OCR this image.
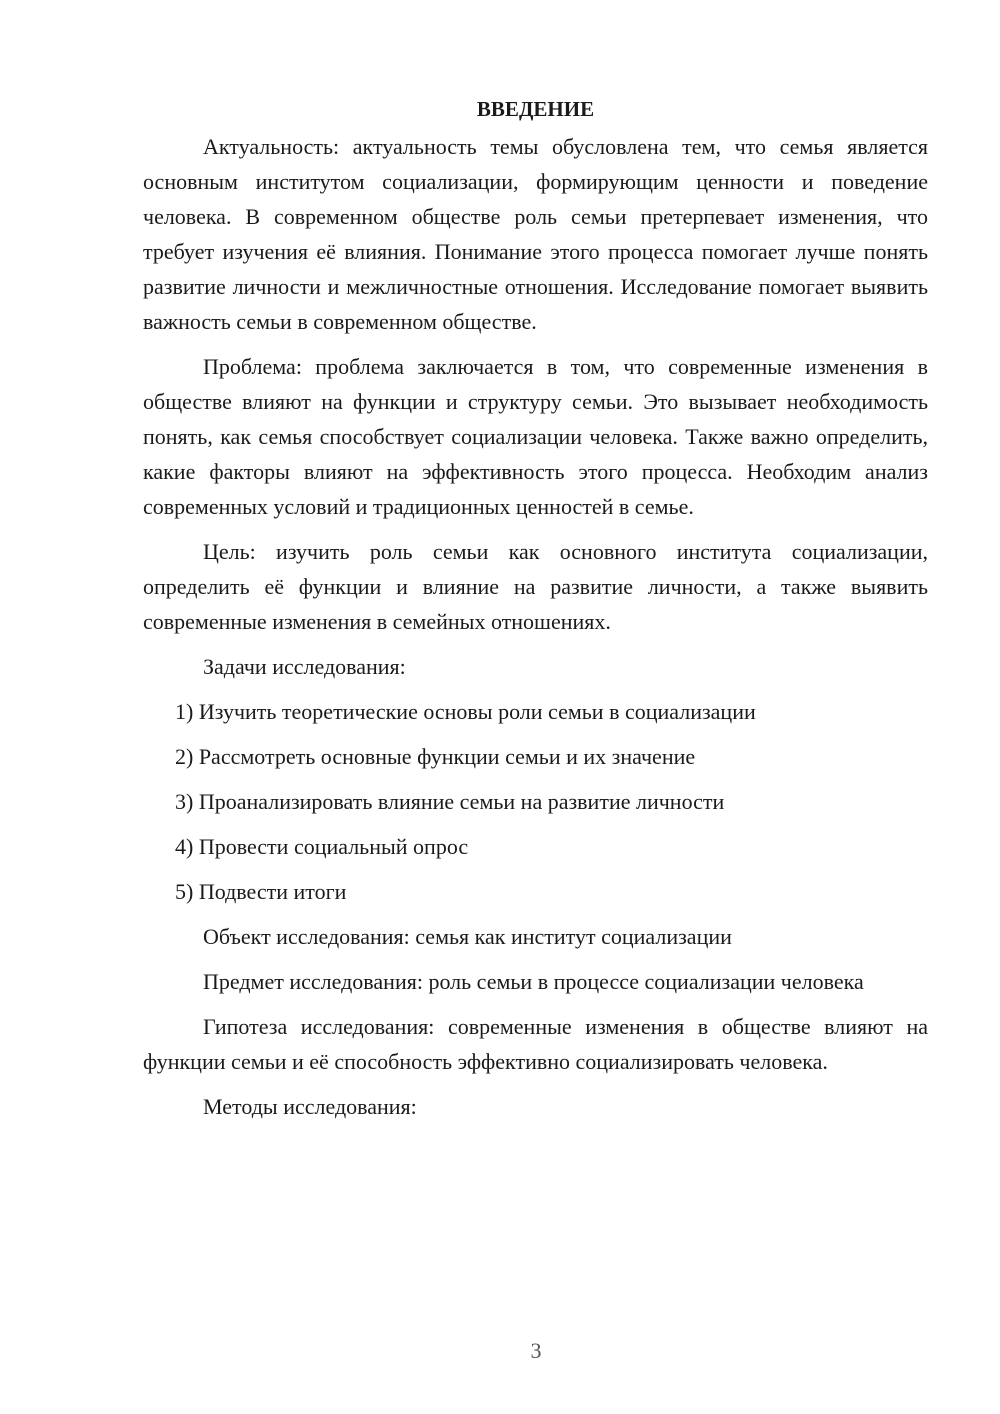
ВВЕДЕНИЕ

Актуальность: актуальность темы обусловлена тем, что семья является основным институтом социализации, формирующим ценности и поведение человека. В современном обществе роль семьи претерпевает изменения, что требует изучения её влияния. Понимание этого процесса помогает лучше понять развитие личности и межличностные отношения. Исследование помогает выявить важность семьи в современном обществе.

Проблема: проблема заключается в том, что современные изменения в обществе влияют на функции и структуру семьи. Это вызывает необходимость понять, как семья способствует социализации человека. Также важно определить, какие факторы влияют на эффективность этого процесса. Необходим анализ современных условий и традиционных ценностей в семье.

Цель: изучить роль семьи как основного института социализации, определить её функции и влияние на развитие личности, а также выявить современные изменения в семейных отношениях.

Задачи исследования:

1) Изучить теоретические основы роли семьи в социализации

2) Рассмотреть основные функции семьи и их значение

3) Проанализировать влияние семьи на развитие личности

4) Провести социальный опрос

5) Подвести итоги

Объект исследования: семья как институт социализации

Предмет исследования: роль семьи в процессе социализации человека

Гипотеза исследования: современные изменения в обществе влияют на функции семьи и её способность эффективно социализировать человека.

Методы исследования:

3
